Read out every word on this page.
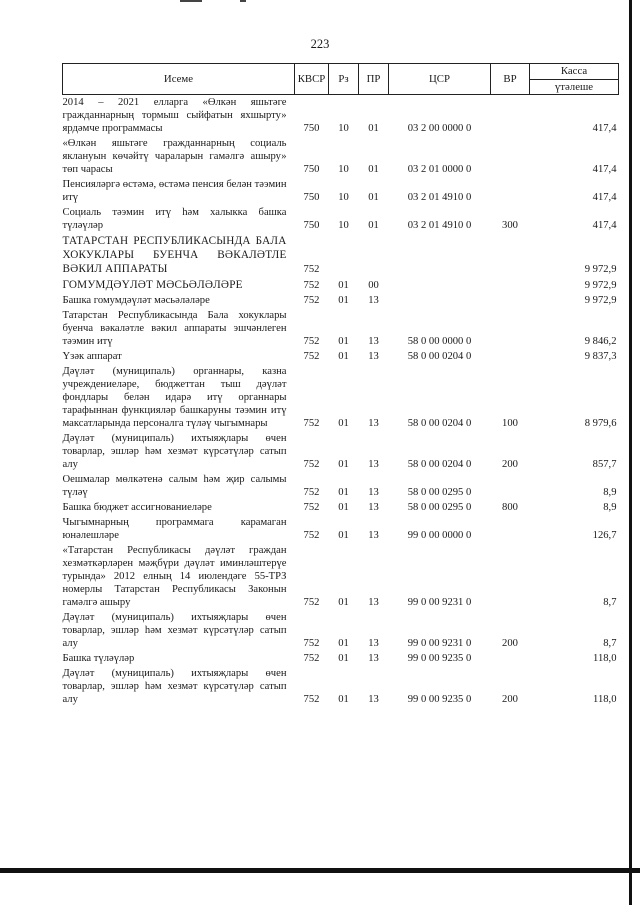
223
Исеме	КВСР	Рз	ПР	ЦСР	ВР	Касса
үтәлеше

2014 – 2021 елларга «Өлкән яшьтәге гражданнарның тормыш сыйфатын яхшырту» ярдәмче программасы	750	10	01	03 2 00 0000 0		417,4
«Өлкән яшьтәге гражданнарның социаль яклануын көчәйтү чараларын гамәлгә ашыру» төп чарасы	750	10	01	03 2 01 0000 0		417,4
Пенсияләргә өстәмә, өстәмә пенсия белән тәэмин итү	750	10	01	03 2 01 4910 0		417,4
Социаль тәэмин итү һәм халыкка башка түләүләр	750	10	01	03 2 01 4910 0	300	417,4
ТАТАРСТАН РЕСПУБЛИКАСЫНДА БАЛА ХОКУКЛАРЫ БУЕНЧА ВӘКАЛӘТЛЕ ВӘКИЛ АППАРАТЫ	752					9 972,9
ГОМУМДӘҮЛӘТ МӘСЬӘЛӘЛӘРЕ	752	01	00			9 972,9
Башка гомумдәүләт мәсьәләләре	752	01	13			9 972,9
Татарстан Республикасында Бала хокуклары буенча вәкаләтле вәкил аппараты эшчәнлеген тәэмин итү	752	01	13	58 0 00 0000 0		9 846,2
Үзәк аппарат	752	01	13	58 0 00 0204 0		9 837,3
Дәүләт (муниципаль) органнары, казна учреждениеләре, бюджеттан тыш дәүләт фондлары белән идарә итү органнары тарафыннан функцияләр башкаруны тәэмин итү максатларында персоналга түләү чыгымнары	752	01	13	58 0 00 0204 0	100	8 979,6
Дәүләт (муниципаль) ихтыяҗлары өчен товарлар, эшләр һәм хезмәт күрсәтүләр сатып алу	752	01	13	58 0 00 0204 0	200	857,7
Оешмалар мөлкәтенә салым һәм җир салымы түләү	752	01	13	58 0 00 0295 0		8,9
Башка бюджет ассигнованиеләре	752	01	13	58 0 00 0295 0	800	8,9
Чыгымнарның программага карамаган юнәлешләре	752	01	13	99 0 00 0000 0		126,7
«Татарстан Республикасы дәүләт граждан хезмәткәрләрен мәҗбүри дәүләт иминләштерүе турында» 2012 елның 14 июлендәге 55-ТРЗ номерлы Татарстан Республикасы Законын гамәлгә ашыру	752	01	13	99 0 00 9231 0		8,7
Дәүләт (муниципаль) ихтыяҗлары өчен товарлар, эшләр һәм хезмәт күрсәтүләр сатып алу	752	01	13	99 0 00 9231 0	200	8,7
Башка түләүләр	752	01	13	99 0 00 9235 0		118,0
Дәүләт (муниципаль) ихтыяҗлары өчен товарлар, эшләр һәм хезмәт күрсәтүләр сатып алу	752	01	13	99 0 00 9235 0	200	118,0
